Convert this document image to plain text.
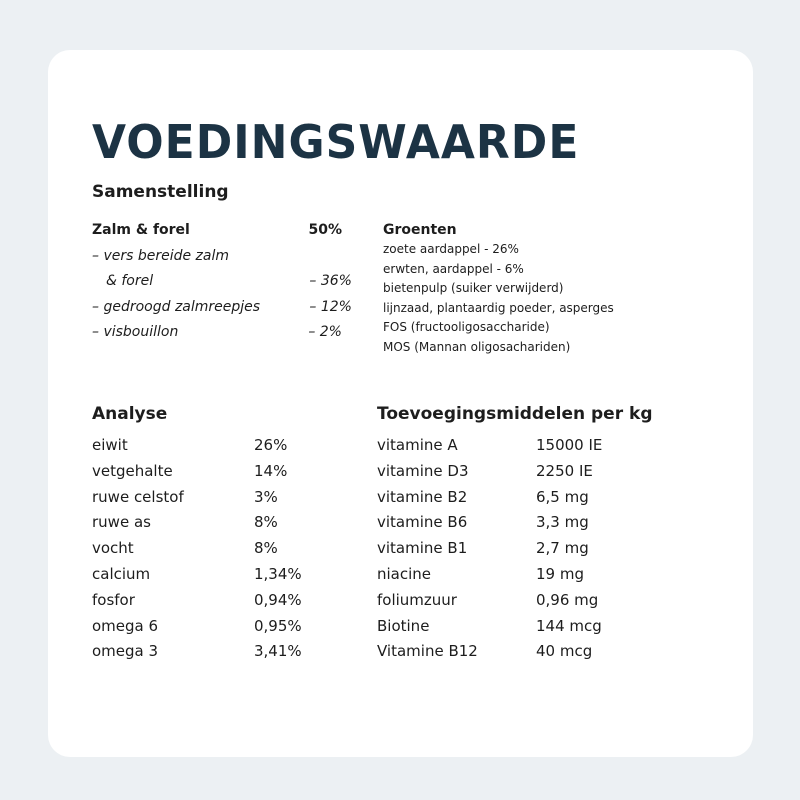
VOEDINGSWAARDE
Samenstelling
Zalm & forel	50%
– vers bereide zalm
& forel	– 36%
– gedroogd zalmreepjes	– 12%
– visbouillon	– 2%
Groenten
zoete aardappel - 26%
erwten, aardappel - 6%
bietenpulp (suiker verwijderd)
lijnzaad, plantaardig poeder, asperges
FOS (fructooligosaccharide)
MOS (Mannan oligosachariden)
Analyse
eiwit	26%
vetgehalte	14%
ruwe celstof	3%
ruwe as	8%
vocht	8%
calcium	1,34%
fosfor	0,94%
omega 6	0,95%
omega 3	3,41%
Toevoegingsmiddelen per kg
vitamine A	15000 IE
vitamine D3	2250 IE
vitamine B2	6,5 mg
vitamine B6	3,3 mg
vitamine B1	2,7 mg
niacine	19 mg
foliumzuur	0,96 mg
Biotine	144 mcg
Vitamine B12	40 mcg
